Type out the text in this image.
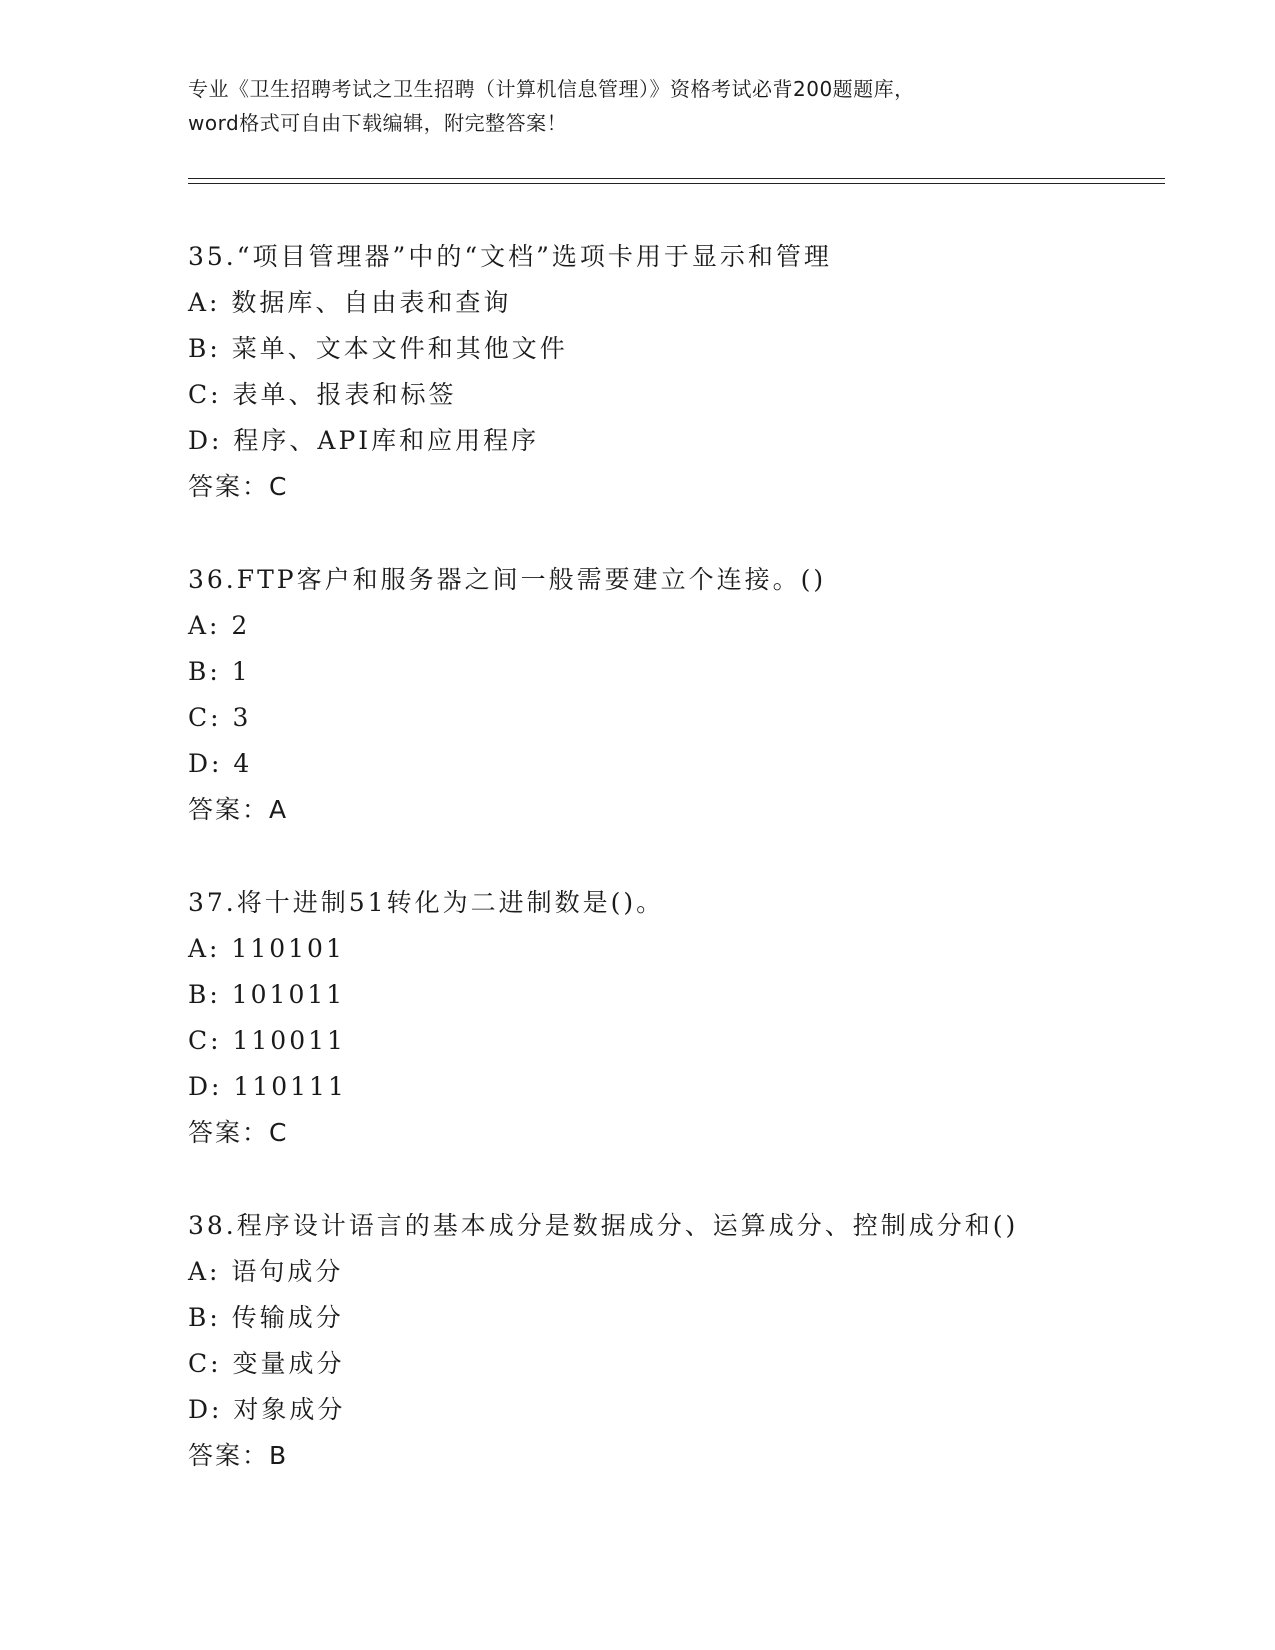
专业《卫生招聘考试之卫生招聘（计算机信息管理）》资格考试必背200题题库，

word格式可自由下载编辑，附完整答案！

35.“项目管理器”中的“文档”选项卡用于显示和管理

A: 数据库、自由表和查询

B: 菜单、文本文件和其他文件

C: 表单、报表和标签

D: 程序、API库和应用程序

答案：C

36.FTP客户和服务器之间一般需要建立个连接。()

A: 2

B: 1

C: 3

D: 4

答案：A

37.将十进制51转化为二进制数是()。

A: 110101

B: 101011

C: 110011

D: 110111

答案：C

38.程序设计语言的基本成分是数据成分、运算成分、控制成分和()

A: 语句成分

B: 传输成分

C: 变量成分

D: 对象成分

答案：B
